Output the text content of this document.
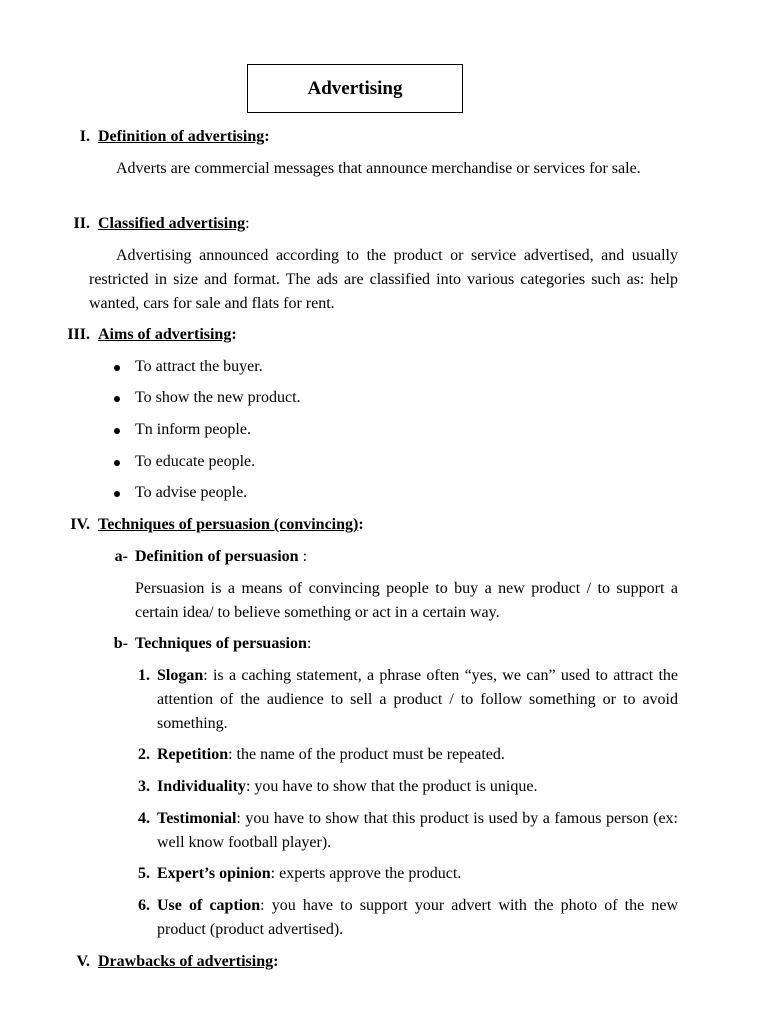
Advertising
I. Definition of advertising:
Adverts are commercial messages that announce merchandise or services for sale.
II. Classified advertising:
Advertising announced according to the product or service advertised, and usually restricted in size and format. The ads are classified into various categories such as: help wanted, cars for sale and flats for rent.
III. Aims of advertising:
To attract the buyer.
To show the new product.
Tn inform people.
To educate people.
To advise people.
IV. Techniques of persuasion (convincing):
a- Definition of persuasion :
Persuasion is a means of convincing people to buy a new product / to support a certain idea/ to believe something or act in a certain way.
b- Techniques of persuasion:
1. Slogan: is a caching statement, a phrase often “yes, we can” used to attract the attention of the audience to sell a product / to follow something or to avoid something.
2. Repetition: the name of the product must be repeated.
3. Individuality: you have to show that the product is unique.
4. Testimonial: you have to show that this product is used by a famous person (ex: well know football player).
5. Expert’s opinion: experts approve the product.
6. Use of caption: you have to support your advert with the photo of the new product (product advertised).
V. Drawbacks of advertising:
